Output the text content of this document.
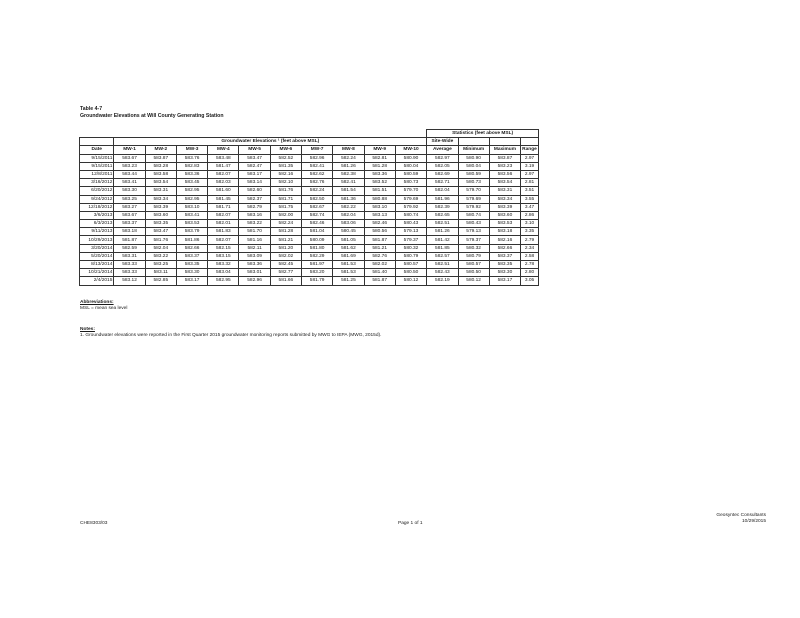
Table 4-7
Groundwater Elevations at Will County Generating Station
											Statistics (feet above MSL)			
	Groundwater Elevations ¹ (feet above MSL)										Site-Wide			
Date	MW-1	MW-2	MW-3	MW-4	MW-5	MW-6	MW-7	MW-8	MW-9	MW-10	Average	Minimum	Maximum	Range
9/15/2011	583.67	583.87	583.76	583.48	583.47	582.52	582.96	582.24	582.81	580.90	582.97	580.90	583.87	2.97
9/15/2011	583.23	583.28	582.83	581.47	582.47	581.35	582.41	581.26	581.28	580.04	582.05	580.04	583.23	3.19
12/8/2011	583.44	583.58	583.36	582.07	583.17	582.16	582.62	582.38	583.36	580.59	582.69	580.59	583.56	2.97
3/16/2012	583.41	583.54	583.45	582.03	583.14	582.10	582.76	582.41	583.52	580.73	582.71	580.73	583.54	2.81
6/20/2012	583.30	583.31	582.95	581.60	582.60	581.76	582.24	581.54	581.51	579.70	582.04	579.70	583.31	3.51
9/24/2012	583.25	583.34	582.95	581.45	582.37	581.71	582.50	581.36	580.88	579.69	581.96	579.69	583.34	3.55
12/18/2012	583.27	583.39	583.10	581.71	582.79	581.75	582.67	582.22	583.10	579.92	582.39	579.92	583.39	3.47
3/6/2013	583.67	583.60	583.41	582.07	583.16	582.00	582.74	582.04	583.13	580.74	582.65	580.74	583.60	2.86
6/3/2013	583.37	583.35	583.53	582.01	583.22	582.24	582.46	583.06	582.46	580.43	582.51	580.43	583.53	3.10
9/11/2013	583.18	583.47	583.79	581.83	581.70	581.28	581.04	580.45	580.56	579.13	581.26	579.13	583.18	3.35
10/29/2013	581.87	581.76	581.86	582.07	581.16	581.21	580.09	581.05	581.87	579.37	581.42	579.37	582.16	2.79
3/20/2014	582.59	582.04	582.66	582.15	582.11	581.20	581.80	581.62	581.21	580.32	581.85	580.32	582.66	2.34
5/20/2014	583.31	583.22	583.37	583.15	583.09	582.02	582.29	581.69	582.76	580.79	582.57	580.79	583.37	2.58
8/13/2014	583.33	583.25	583.35	583.32	583.36	582.45	581.97	581.53	582.02	580.57	582.51	580.57	583.35	2.78
10/21/2014	583.33	583.11	583.30	583.04	583.01	582.77	583.20	581.53	581.40	580.50	582.43	580.50	583.30	2.80
2/4/2015	583.12	582.85	583.17	582.95	582.96	581.66	581.79	581.25	581.87	580.12	582.19	580.12	583.17	3.05
Abbreviations:
MSL = mean sea level
Notes:
1. Groundwater elevations were reported in the First Quarter 2015 groundwater monitoring reports submitted by MWG to IEPA (MWG, 2015d).
CHE8303/03	Page 1 of 1
Geosyntec Consultants
10/29/2015
